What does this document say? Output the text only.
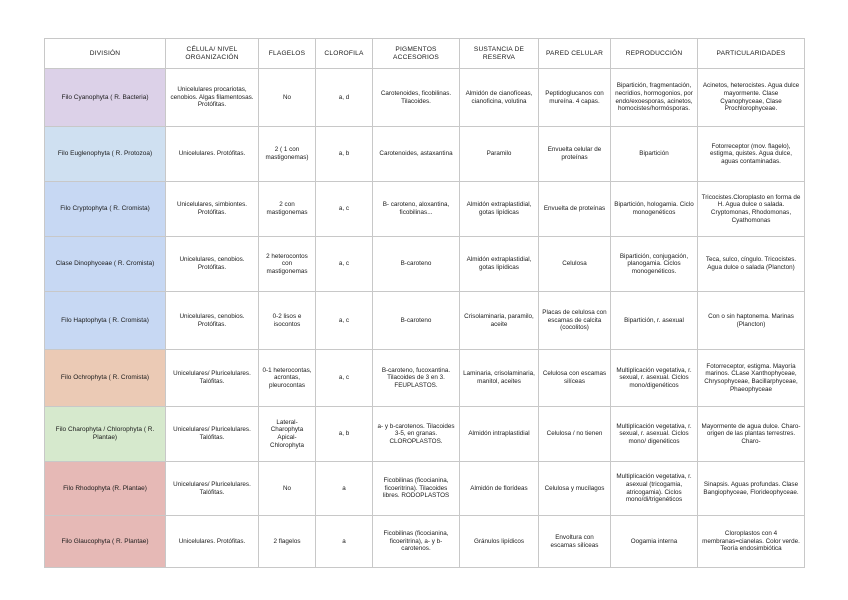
DIVISIÓN	CÉLULA/ NIVEL ORGANIZACIÓN	FLAGELOS	CLOROFILA	PIGMENTOS ACCESORIOS	SUSTANCIA DE RESERVA	PARED CELULAR	REPRODUCCIÓN	PARTICULARIDADES
Filo Cyanophyta ( R. Bacteria)	Unicelulares procariotas, cenobios. Algas filamentosas. Protófitas.	No	a, d	Carotenoides, ficobilinas. Tilacoides.	Almidón de cianofíceas, cianoficina, volutina	Peptidoglucanos con mureína. 4 capas.	Bipartición, fragmentación, necridios, hormogonios, por endo/exoesporas, acinetos, homocistes/hormósporas.	Acinetos, heterocistes. Agua dulce mayormente. Clase Cyanophyceae, Clase Prochlorophyceae.
Filo Euglenophyta ( R. Protozoa)	Unicelulares. Protófitas.	2 ( 1 con mastigonemas)	a, b	Carotenoides, astaxantina	Paramilo	Envuelta celular de proteínas	Bipartición	Fotorreceptor (mov. flagelo), estigma, quistes. Agua dulce, aguas contaminadas.
Filo Cryptophyta ( R. Cromista)	Unicelulares, simbiontes. Protófitas.	2 con mastigonemas	a, c	B- caroteno, aloxantina, ficobilinas...	Almidón extraplastidial, gotas lipídicas	Envuelta de proteínas	Bipartición, hologamia. Ciclo monogenéticos	Tricocistes.Cloroplasto en forma de H. Agua dulce o salada. Cryptomonas, Rhodomonas, Cyathomonas
Clase Dinophyceae ( R. Cromista)	Unicelulares, cenobios. Protófitas.	2 heterocontos con mastigonemas	a, c	B-caroteno	Almidón extraplastidial, gotas lipídicas	Celulosa	Bipartición, conjugación, planogamia. Ciclos monogenéticos.	Teca, sulco, cíngulo. Tricocistes. Agua dulce o salada (Plancton)
Filo Haptophyta ( R. Cromista)	Unicelulares, cenobios. Protófitas.	0-2 lisos e isocontos	a, c	B-caroteno	Crisolaminaria, paramilo, aceite	Placas de celulosa con escamas de calcita (cocolitos)	Bipartición, r. asexual	Con o sin haptonema. Marinas (Plancton)
Filo Ochrophyta ( R. Cromista)	Unicelulares/ Pluricelulares. Talófitas.	0-1 heterocontas, acrontas, pleurocontas	a, c	B-caroteno, fucoxantina. Tilacoides de 3 en 3. FEUPLASTOS.	Laminaria, crisolaminaria, manitol, aceites	Celulosa con escamas silíceas	Multiplicación vegetativa, r. sexual, r. asexual. Ciclos mono/digenéticos	Fotorreceptor, estigma. Mayoría marinos. CLase Xanthophyceae, Chrysophyceae, Bacillarphyceae, Phaeophyceae
Filo Charophyta / Chlorophyta ( R. Plantae)	Unicelulares/ Pluricelulares. Talófitas.	Lateral-Charophyta Apical-Chlorophyta	a, b	a- y b-carotenos. Tilacoides 3-5, en granas. CLOROPLASTOS.	Almidón intraplastidial	Celulosa / no tienen	Multiplicación vegetativa, r. sexual, r. asexual. Ciclos mono/ digenéticos	Mayormente de agua dulce. Charo- origen de las plantas terrestres. Charo-
Filo Rhodophyta (R. Plantae)	Unicelulares/ Pluricelulares. Talófitas.	No	a	Ficobilinas (ficocianina, ficoeritrina). Tilacoides libres. RODOPLASTOS	Almidón de florídeas	Celulosa y mucílagos	Multiplicación vegetativa, r. asexual (tricogamia, atricogamia). Ciclos mono/di/trigenéticos	Sinapsis. Aguas profundas. Clase Bangiophyceae, Florideophyceae.
Filo Glaucophyta ( R. Plantae)	Unicelulares. Protófitas.	2 flagelos	a	Ficobilinas (ficocianina, ficoeritrina), a- y b-carotenos.	Gránulos lipídicos	Envoltura con escamas silíceas	Oogamia interna	Cloroplastos con 4 membranas=cianelas. Color verde. Teoría endosimbiótica
